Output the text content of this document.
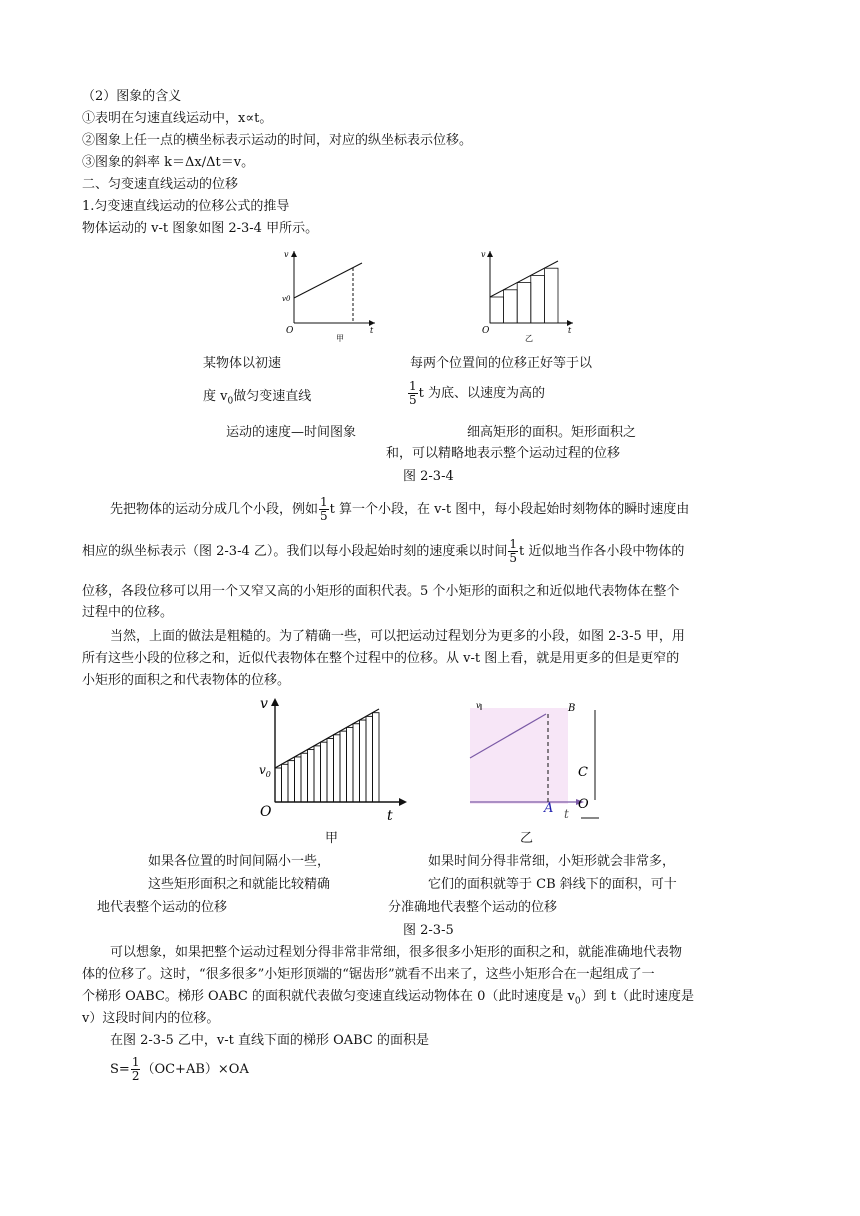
（2）图象的含义
①表明在匀速直线运动中，x∝t。
②图象上任一点的横坐标表示运动的时间，对应的纵坐标表示位移。
③图象的斜率 k＝Δx/Δt＝v。
二、匀变速直线运动的位移
1.匀变速直线运动的位移公式的推导
物体运动的 v-t 图象如图 2-3-4 甲所示。
v
t
O
v0
甲
v
t
O
乙
某物体以初速
度 $v_0$做匀变速直线
运动的速度—时间图象
每两个位置间的位移正好等于以
$\frac{1}{5}$ t 为底、以速度为高的
细高矩形的面积。矩形面积之
和，可以精略地表示整个运动过程的位移
图 2-3-4
先把物体的运动分成几个小段，例如 $\frac{1}{5}$ t 算一个小段，在 v-t 图中，每小段起始时刻物体的瞬时速度由
相应的纵坐标表示（图 2-3-4 乙）。我们以每小段起始时刻的速度乘以时间 $\frac{1}{5}$ t 近似地当作各小段中物体的
位移，各段位移可以用一个又窄又高的小矩形的面积代表。5 个小矩形的面积之和近似地代表物体在整个
过程中的位移。
当然，上面的做法是粗糙的。为了精确一些，可以把运动过程划分为更多的小段，如图 2-3-5 甲，用
所有这些小段的位移之和，近似代表物体在整个过程中的位移。从 v-t 图上看，就是用更多的但是更窄的
小矩形的面积之和代表物体的位移。
v
t
O
$v_0$
v
A t
B
C
O
甲	乙
如果各位置的时间间隔小一些，
这些矩形面积之和就能比较精确
地代表整个运动的位移
如果时间分得非常细，小矩形就会非常多，
它们的面积就等于 CB 斜线下的面积，可十
分准确地代表整个运动的位移
图 2-3-5
可以想象，如果把整个运动过程划分得非常非常细，很多很多小矩形的面积之和，就能准确地代表物
体的位移了。这时，“很多很多”小矩形顶端的“锯齿形”就看不出来了，这些小矩形合在一起组成了一
个梯形 OABC。梯形 OABC 的面积就代表做匀变速直线运动物体在 0（此时速度是 $v_0$）到 t（此时速度是
v）这段时间内的位移。
在图 2-3-5 乙中，v-t 直线下面的梯形 OABC 的面积是
$S= \frac{1}{2} (OC+AB)\times OA$
